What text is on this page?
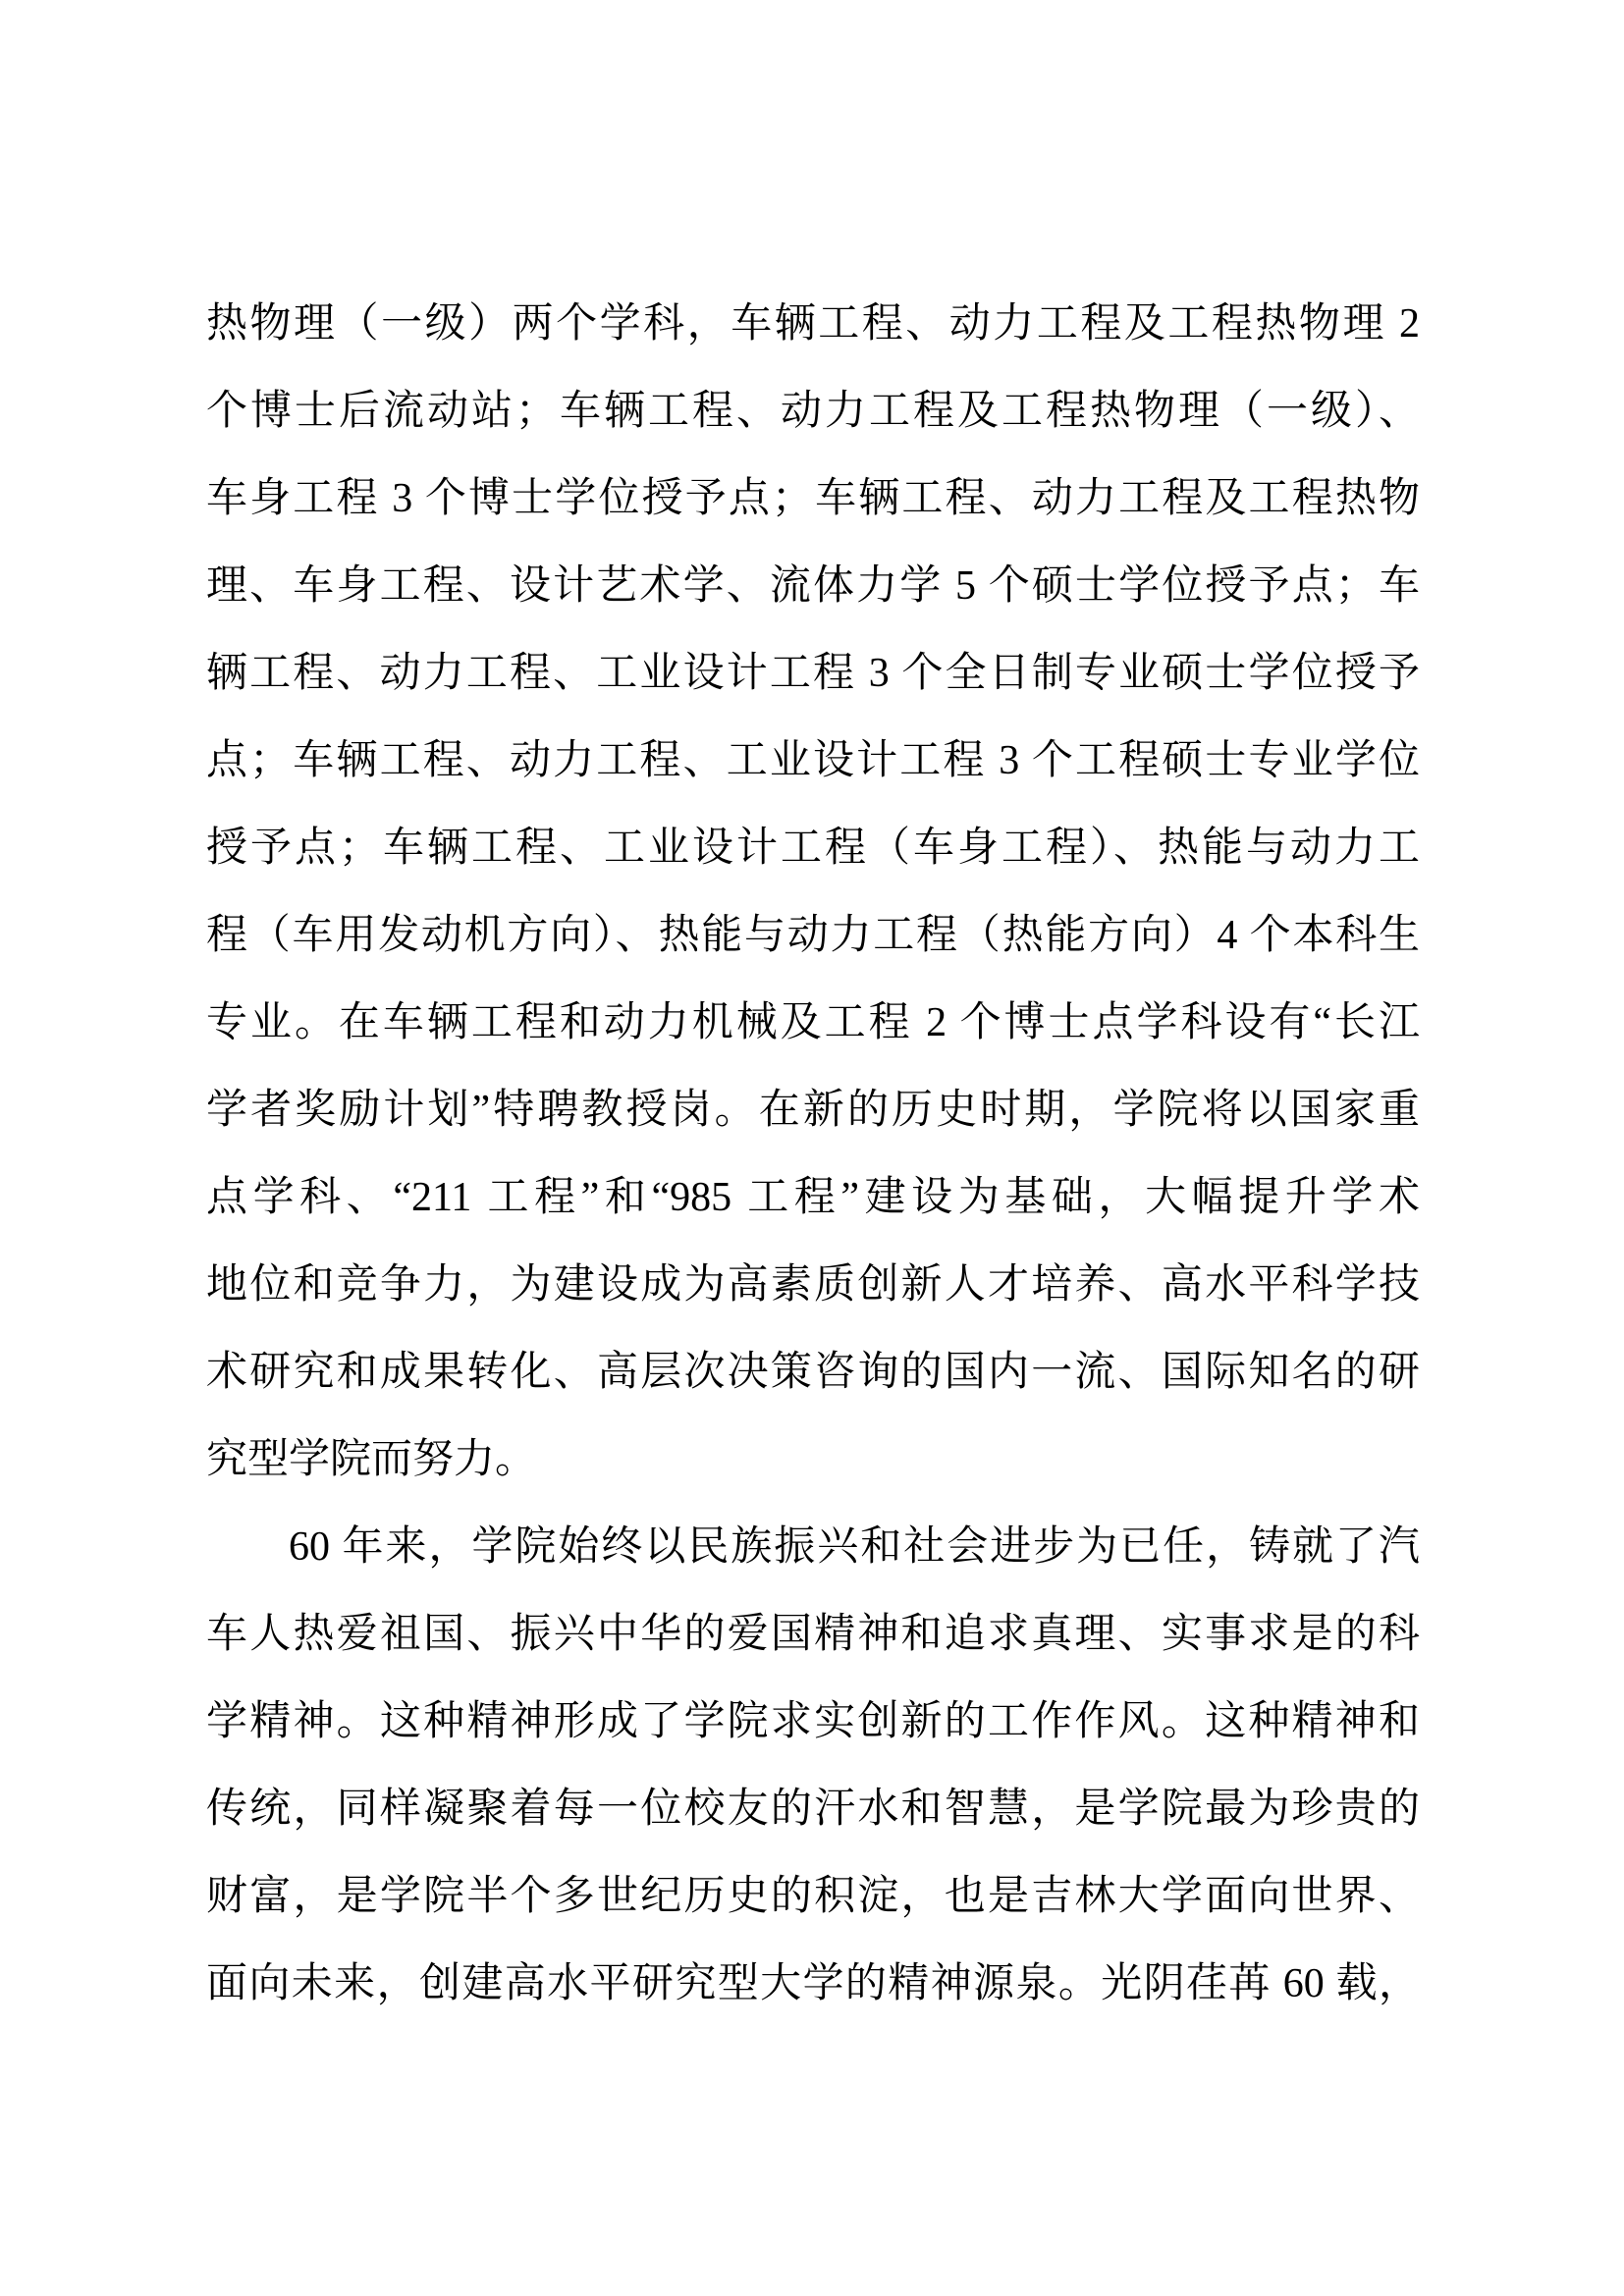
热物理（一级）两个学科，车辆工程、动力工程及工程热物理 2
个博士后流动站；车辆工程、动力工程及工程热物理（一级）、
车身工程 3 个博士学位授予点；车辆工程、动力工程及工程热物
理、车身工程、设计艺术学、流体力学 5 个硕士学位授予点；车
辆工程、动力工程、工业设计工程 3 个全日制专业硕士学位授予
点；车辆工程、动力工程、工业设计工程 3 个工程硕士专业学位
授予点；车辆工程、工业设计工程（车身工程）、热能与动力工
程（车用发动机方向）、热能与动力工程（热能方向）4 个本科生
专业。在车辆工程和动力机械及工程 2 个博士点学科设有“长江
学者奖励计划”特聘教授岗。在新的历史时期，学院将以国家重
点学科、“211 工程”和“985 工程”建设为基础，大幅提升学术
地位和竞争力，为建设成为高素质创新人才培养、高水平科学技
术研究和成果转化、高层次决策咨询的国内一流、国际知名的研
究型学院而努力。
60 年来，学院始终以民族振兴和社会进步为已任，铸就了汽
车人热爱祖国、振兴中华的爱国精神和追求真理、实事求是的科
学精神。这种精神形成了学院求实创新的工作作风。这种精神和
传统，同样凝聚着每一位校友的汗水和智慧，是学院最为珍贵的
财富，是学院半个多世纪历史的积淀，也是吉林大学面向世界、
面向未来，创建高水平研究型大学的精神源泉。光阴荏苒 60 载，
